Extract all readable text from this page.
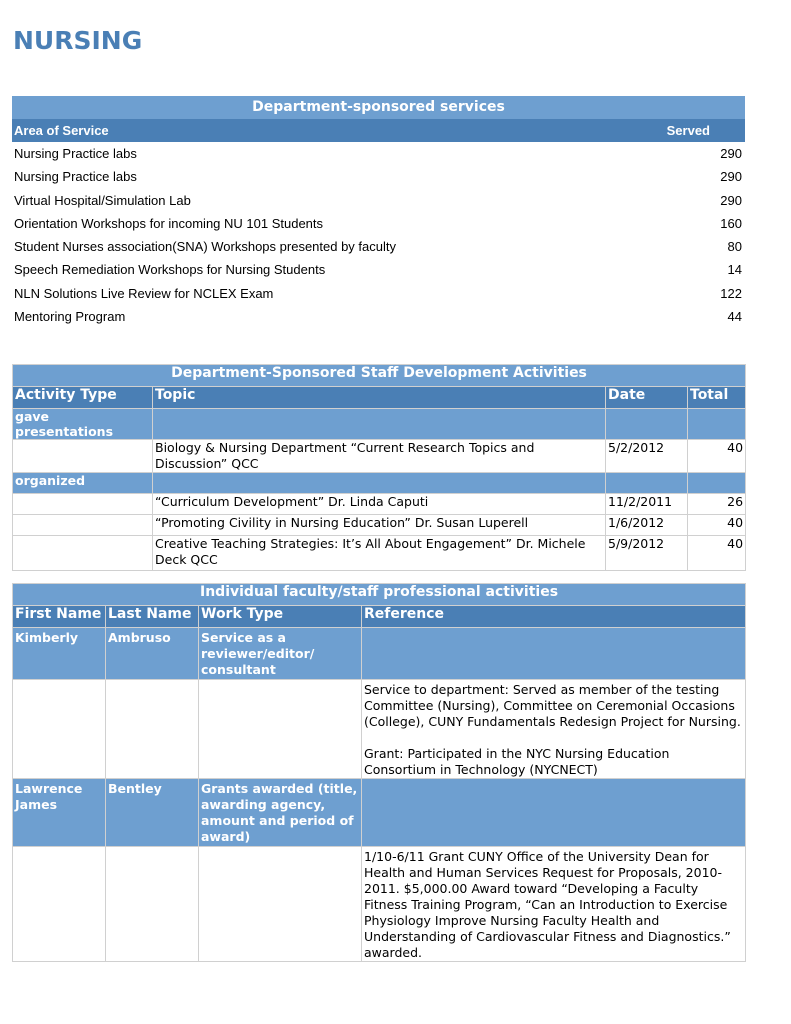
NURSING
Department-sponsored services
Area of Service	Served
Nursing Practice labs	290
Nursing Practice labs	290
Virtual Hospital/Simulation Lab	290
Orientation Workshops for incoming NU 101 Students	160
Student Nurses association(SNA) Workshops presented by faculty	80
Speech Remediation Workshops for Nursing Students	14
NLN Solutions Live Review for NCLEX Exam	122
Mentoring Program	44
Department-Sponsored Staff Development Activities			
Activity Type	Topic	Date	Total
gave presentations			
	Biology & Nursing Department “Current Research Topics and Discussion” QCC	5/2/2012	40
organized			
	“Curriculum Development” Dr. Linda Caputi	11/2/2011	26
	“Promoting Civility in Nursing Education” Dr. Susan Luperell	1/6/2012	40
	Creative Teaching Strategies: It’s All About Engagement” Dr. Michele Deck QCC	5/9/2012	40
Individual faculty/staff professional activities			
First Name	Last Name	Work Type	Reference
Kimberly	Ambruso	Service as a reviewer/editor/ consultant	

			Service to department: Served as member of the testing Committee (Nursing), Committee on Ceremonial Occasions (College), CUNY Fundamentals Redesign Project for Nursing.
Grant: Participated in the NYC Nursing Education Consortium in Technology (NYCNECT)

Lawrence James	Bentley	Grants awarded (title, awarding agency, amount and period of award)	
			1/10-6/11 Grant CUNY Office of the University Dean for Health and Human Services Request for Proposals, 2010-2011. $5,000.00 Award toward “Developing a Faculty Fitness Training Program, “Can an Introduction to Exercise Physiology Improve Nursing Faculty Health and Understanding of Cardiovascular Fitness and Diagnostics.” awarded.
